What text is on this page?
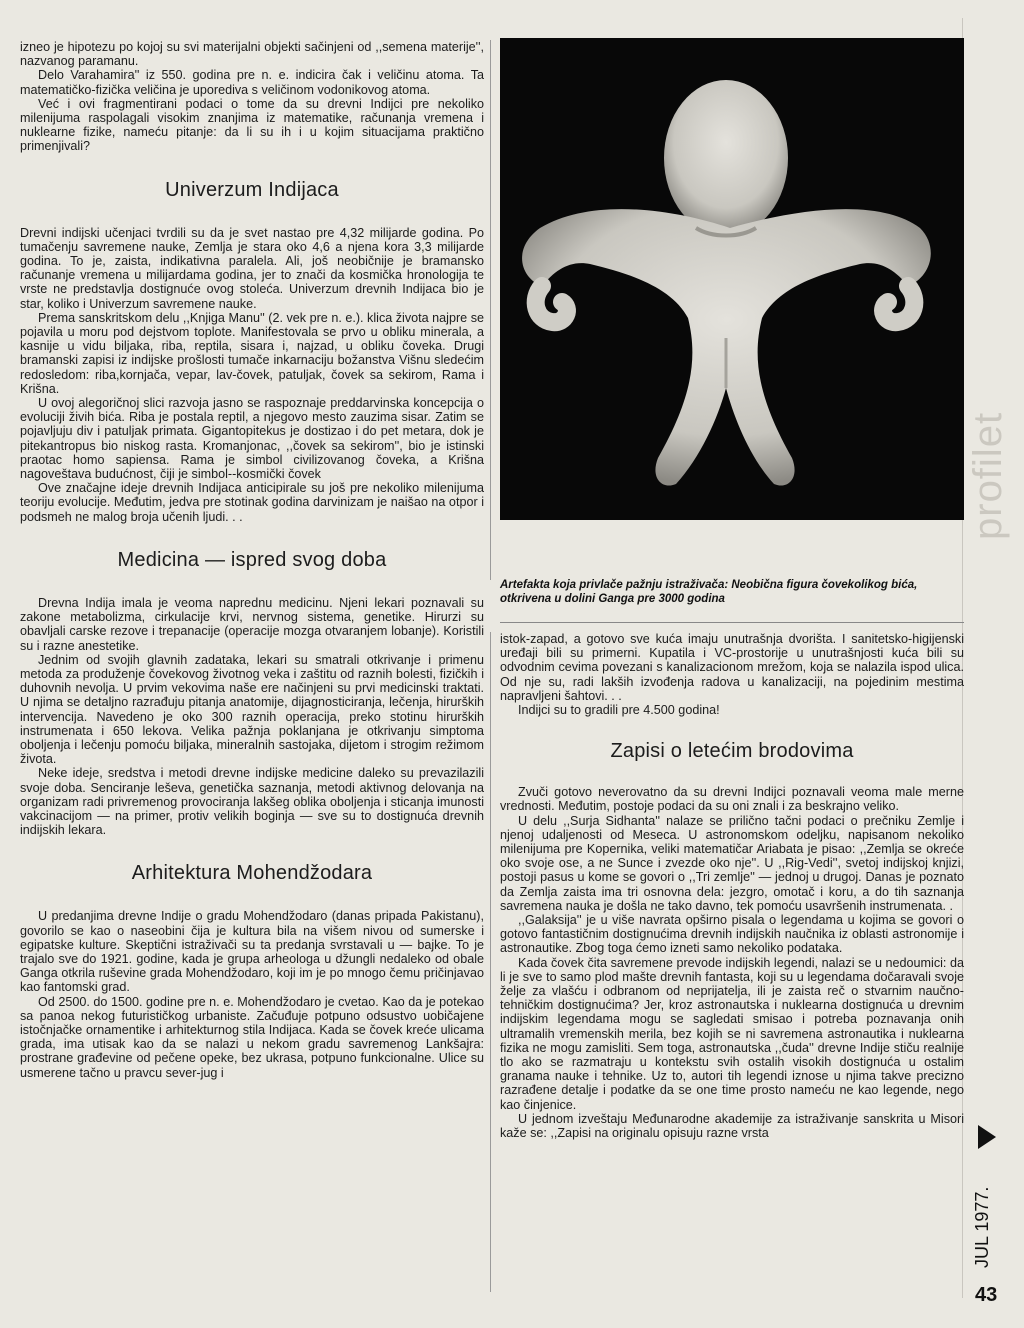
izneo je hipotezu po kojoj su svi materijalni objekti sačinjeni od ,,semena materije'', nazvanog paramanu.

Delo Varahamira'' iz 550. godina pre n. e. indicira čak i veličinu atoma. Ta matematičko-fizička veličina je uporediva s veličinom vodonikovog atoma.

Već i ovi fragmentirani podaci o tome da su drevni Indijci pre nekoliko milenijuma raspolagali visokim znanjima iz matematike, računanja vremena i nuklearne fizike, nameću pitanje: da li su ih i u kojim situacijama praktično primenjivali?

Univerzum Indijaca

Drevni indijski učenjaci tvrdili su da je svet nastao pre 4,32 milijarde godina. Po tumačenju savremene nauke, Zemlja je stara oko 4,6 a njena kora 3,3 milijarde godina. To je, zaista, indikativna paralela. Ali, još neobičnije je bramansko računanje vremena u milijardama godina, jer to znači da kosmička hronologija te vrste ne predstavlja dostignuće ovog stoleća. Univerzum drevnih Indijaca bio je star, koliko i Univerzum savremene nauke.

Prema sanskritskom delu ,,Knjiga Manu'' (2. vek pre n. e.). klica života najpre se pojavila u moru pod dejstvom toplote. Manifestovala se prvo u obliku minerala, a kasnije u vidu biljaka, riba, reptila, sisara i, najzad, u obliku čoveka. Drugi bramanski zapisi iz indijske prošlosti tumače inkarnaciju božanstva Višnu sledećim redosledom: riba,kornjača, vepar, lav-čovek, patuljak, čovek sa sekirom, Rama i Krišna.

U ovoj alegoričnoj slici razvoja jasno se raspoznaje preddarvinska koncepcija o evoluciji živih bića. Riba je postala reptil, a njegovo mesto zauzima sisar. Zatim se pojavljuju div i patuljak primata. Gigantopitekus je dostizao i do pet metara, dok je pitekantropus bio niskog rasta. Kromanjonac, ,,čovek sa sekirom'', bio je istinski praotac homo sapiensa. Rama je simbol civilizovanog čoveka, a Krišna nagoveštava budućnost, čiji je simbol--kosmički čovek

Ove značajne ideje drevnih Indijaca anticipirale su još pre nekoliko milenijuma teoriju evolucije. Međutim, jedva pre stotinak godina darvinizam je naišao na otpor i podsmeh ne malog broja učenih ljudi. . .

Medicina — ispred svog doba

Drevna Indija imala je veoma naprednu medicinu. Njeni lekari poznavali su zakone metabolizma, cirkulacije krvi, nervnog sistema, genetike. Hirurzi su obavljali carske rezove i trepanacije (operacije mozga otvaranjem lobanje). Koristili su i razne anestetike.

Jednim od svojih glavnih zadataka, lekari su smatrali otkrivanje i primenu metoda za produženje čovekovog životnog veka i zaštitu od raznih bolesti, fizičkih i duhovnih nevolja. U prvim vekovima naše ere načinjeni su prvi medicinski traktati. U njima se detaljno razrađuju pitanja anatomije, dijagnosticiranja, lečenja, hirurških intervencija. Navedeno je oko 300 raznih operacija, preko stotinu hirurških instrumenata i 650 lekova. Velika pažnja poklanjana je otkrivanju simptoma oboljenja i lečenju pomoću biljaka, mineralnih sastojaka, dijetom i strogim režimom života.

Neke ideje, sredstva i metodi drevne indijske medicine daleko su prevazilazili svoje doba. Senciranje leševa, genetička saznanja, metodi aktivnog delovanja na organizam radi privremenog provociranja lakšeg oblika oboljenja i sticanja imunosti vakcinacijom — na primer, protiv velikih boginja — sve su to dostignuća drevnih indijskih lekara.

Arhitektura Mohendžodara

U predanjima drevne Indije o gradu Mohendžodaro (danas pripada Pakistanu), govorilo se kao o naseobini čija je kultura bila na višem nivou od sumerske i egipatske kulture. Skeptični istraživači su ta predanja svrstavali u — bajke. To je trajalo sve do 1921. godine, kada je grupa arheologa u džungli nedaleko od obale Ganga otkrila ruševine grada Mohendžodaro, koji im je po mnogo čemu pričinjavao kao fantomski grad.

Od 2500. do 1500. godine pre n. e. Mohendžodaro je cvetao. Kao da je potekao sa panoa nekog futurističkog urbaniste. Začuđuje potpuno odsustvo uobičajene istočnjačke ornamentike i arhitekturnog stila Indijaca. Kada se čovek kreće ulicama grada, ima utisak kao da se nalazi u nekom gradu savremenog Lankšajra: prostrane građevine od pečene opeke, bez ukrasa, potpuno funkcionalne. Ulice su usmerene tačno u pravcu sever-jug i

Artefakta koja privlače pažnju istraživača: Neobična figura čovekolikog bića, otkrivena u dolini Ganga pre 3000 godina

istok-zapad, a gotovo sve kuća imaju unutrašnja dvorišta. I sanitetsko-higijenski uređaji bili su primerni. Kupatila i VC-prostorije u unutrašnjosti kuća bili su odvodnim cevima povezani s kanalizacionom mrežom, koja se nalazila ispod ulica. Od nje su, radi lakših izvođenja radova u kanalizaciji, na pojedinim mestima napravljeni šahtovi. . .

Indijci su to gradili pre 4.500 godina!

Zapisi o letećim brodovima

Zvuči gotovo neverovatno da su drevni Indijci poznavali veoma male merne vrednosti. Međutim, postoje podaci da su oni znali i za beskrajno veliko.

U delu ,,Surja Sidhanta'' nalaze se prilično tačni podaci o prečniku Zemlje i njenoj udaljenosti od Meseca. U astronomskom odeljku, napisanom nekoliko milenijuma pre Kopernika, veliki matematičar Ariabata je pisao: ,,Zemlja se okreće oko svoje ose, a ne Sunce i zvezde oko nje''. U ,,Rig-Vedi'', svetoj indijskoj knjizi, postoji pasus u kome se govori o ,,Tri zemlje'' — jednoj u drugoj. Danas je poznato da Zemlja zaista ima tri osnovna dela: jezgro, omotač i koru, a do tih saznanja savremena nauka je došla ne tako davno, tek pomoću usavršenih instrumenata. .

,,Galaksija'' je u više navrata opširno pisala o legendama u kojima se govori o gotovo fantastičnim dostignućima drevnih indijskih naučnika iz oblasti astronomije i astronautike. Zbog toga ćemo izneti samo nekoliko podataka.

Kada čovek čita savremene prevode indijskih legendi, nalazi se u nedoumici: da li je sve to samo plod mašte drevnih fantasta, koji su u legendama dočaravali svoje želje za vlašću i odbranom od neprijatelja, ili je zaista reč o stvarnim naučno-tehničkim dostignućima? Jer, kroz astronautska i nuklearna dostignuća u drevnim indijskim legendama mogu se sagledati smisao i potreba poznavanja onih ultramalih vremenskih merila, bez kojih se ni savremena astronautika i nuklearna fizika ne mogu zamisliti. Sem toga, astronautska ,,čuda'' drevne Indije stiču realnije tlo ako se razmatraju u kontekstu svih ostalih visokih dostignuća u ostalim granama nauke i tehnike. Uz to, autori tih legendi iznose u njima takve precizno razrađene detalje i podatke da se one time prosto nameću ne kao legende, nego kao činjenice.

U jednom izveštaju Međunarodne akademije za istraživanje sanskrita u Misori kaže se: ,,Zapisi na originalu opisuju razne vrsta

profilet
JUL 1977.
43
